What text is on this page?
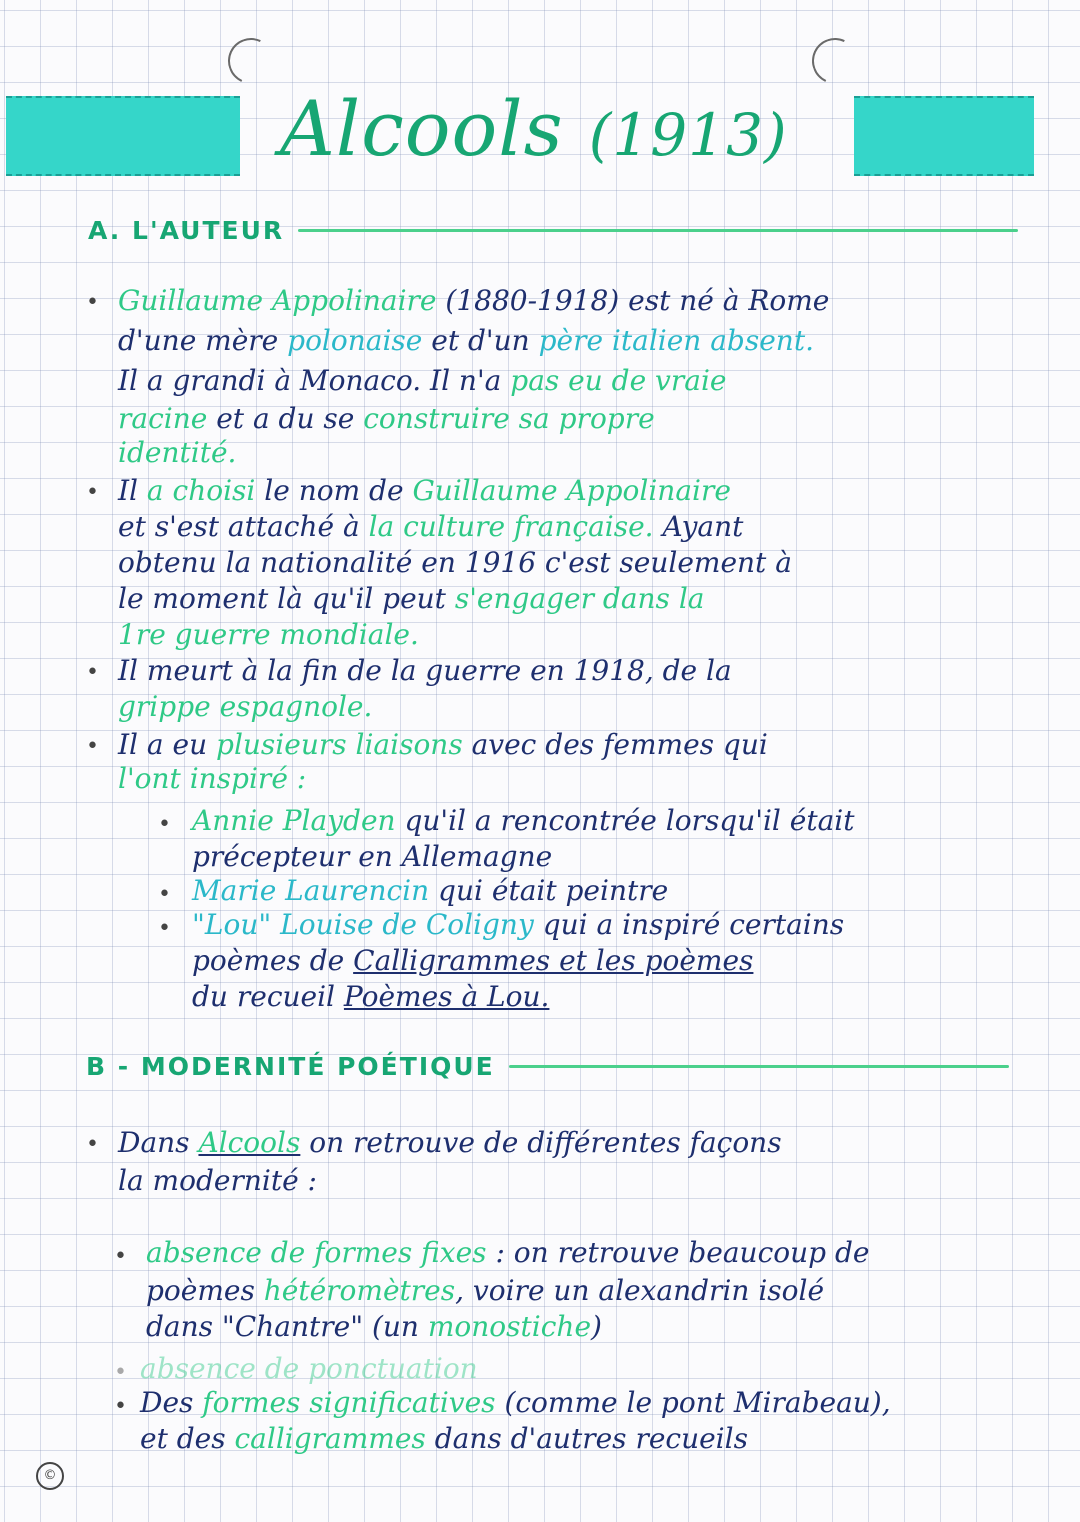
Alcools (1913)
A. L'AUTEUR
• Guillaume Appolinaire (1880-1918) est né à Rome
d'une mère polonaise et d'un père italien absent.
Il a grandi à Monaco. Il n'a pas eu de vraie
racine et a du se construire sa propre
identité.
• Il a choisi le nom de Guillaume Appolinaire
et s'est attaché à la culture française. Ayant
obtenu la nationalité en 1916 c'est seulement à
le moment là qu'il peut s'engager dans la
1re guerre mondiale.
• Il meurt à la fin de la guerre en 1918, de la
grippe espagnole.
• Il a eu plusieurs liaisons avec des femmes qui
l'ont inspiré :
• Annie Playden qu'il a rencontrée lorsqu'il était
précepteur en Allemagne
• Marie Laurencin qui était peintre
• "Lou" Louise de Coligny qui a inspiré certains
poèmes de Calligrammes et les poèmes
du recueil Poèmes à Lou.
B - MODERNITÉ POÉTIQUE
• Dans Alcools on retrouve de différentes façons
la modernité :
• absence de formes fixes : on retrouve beaucoup de
poèmes hétéromètres, voire un alexandrin isolé
dans "Chantre" (un monostiche)
• absence de ponctuation
• Des formes significatives (comme le pont Mirabeau),
et des calligrammes dans d'autres recueils
©
